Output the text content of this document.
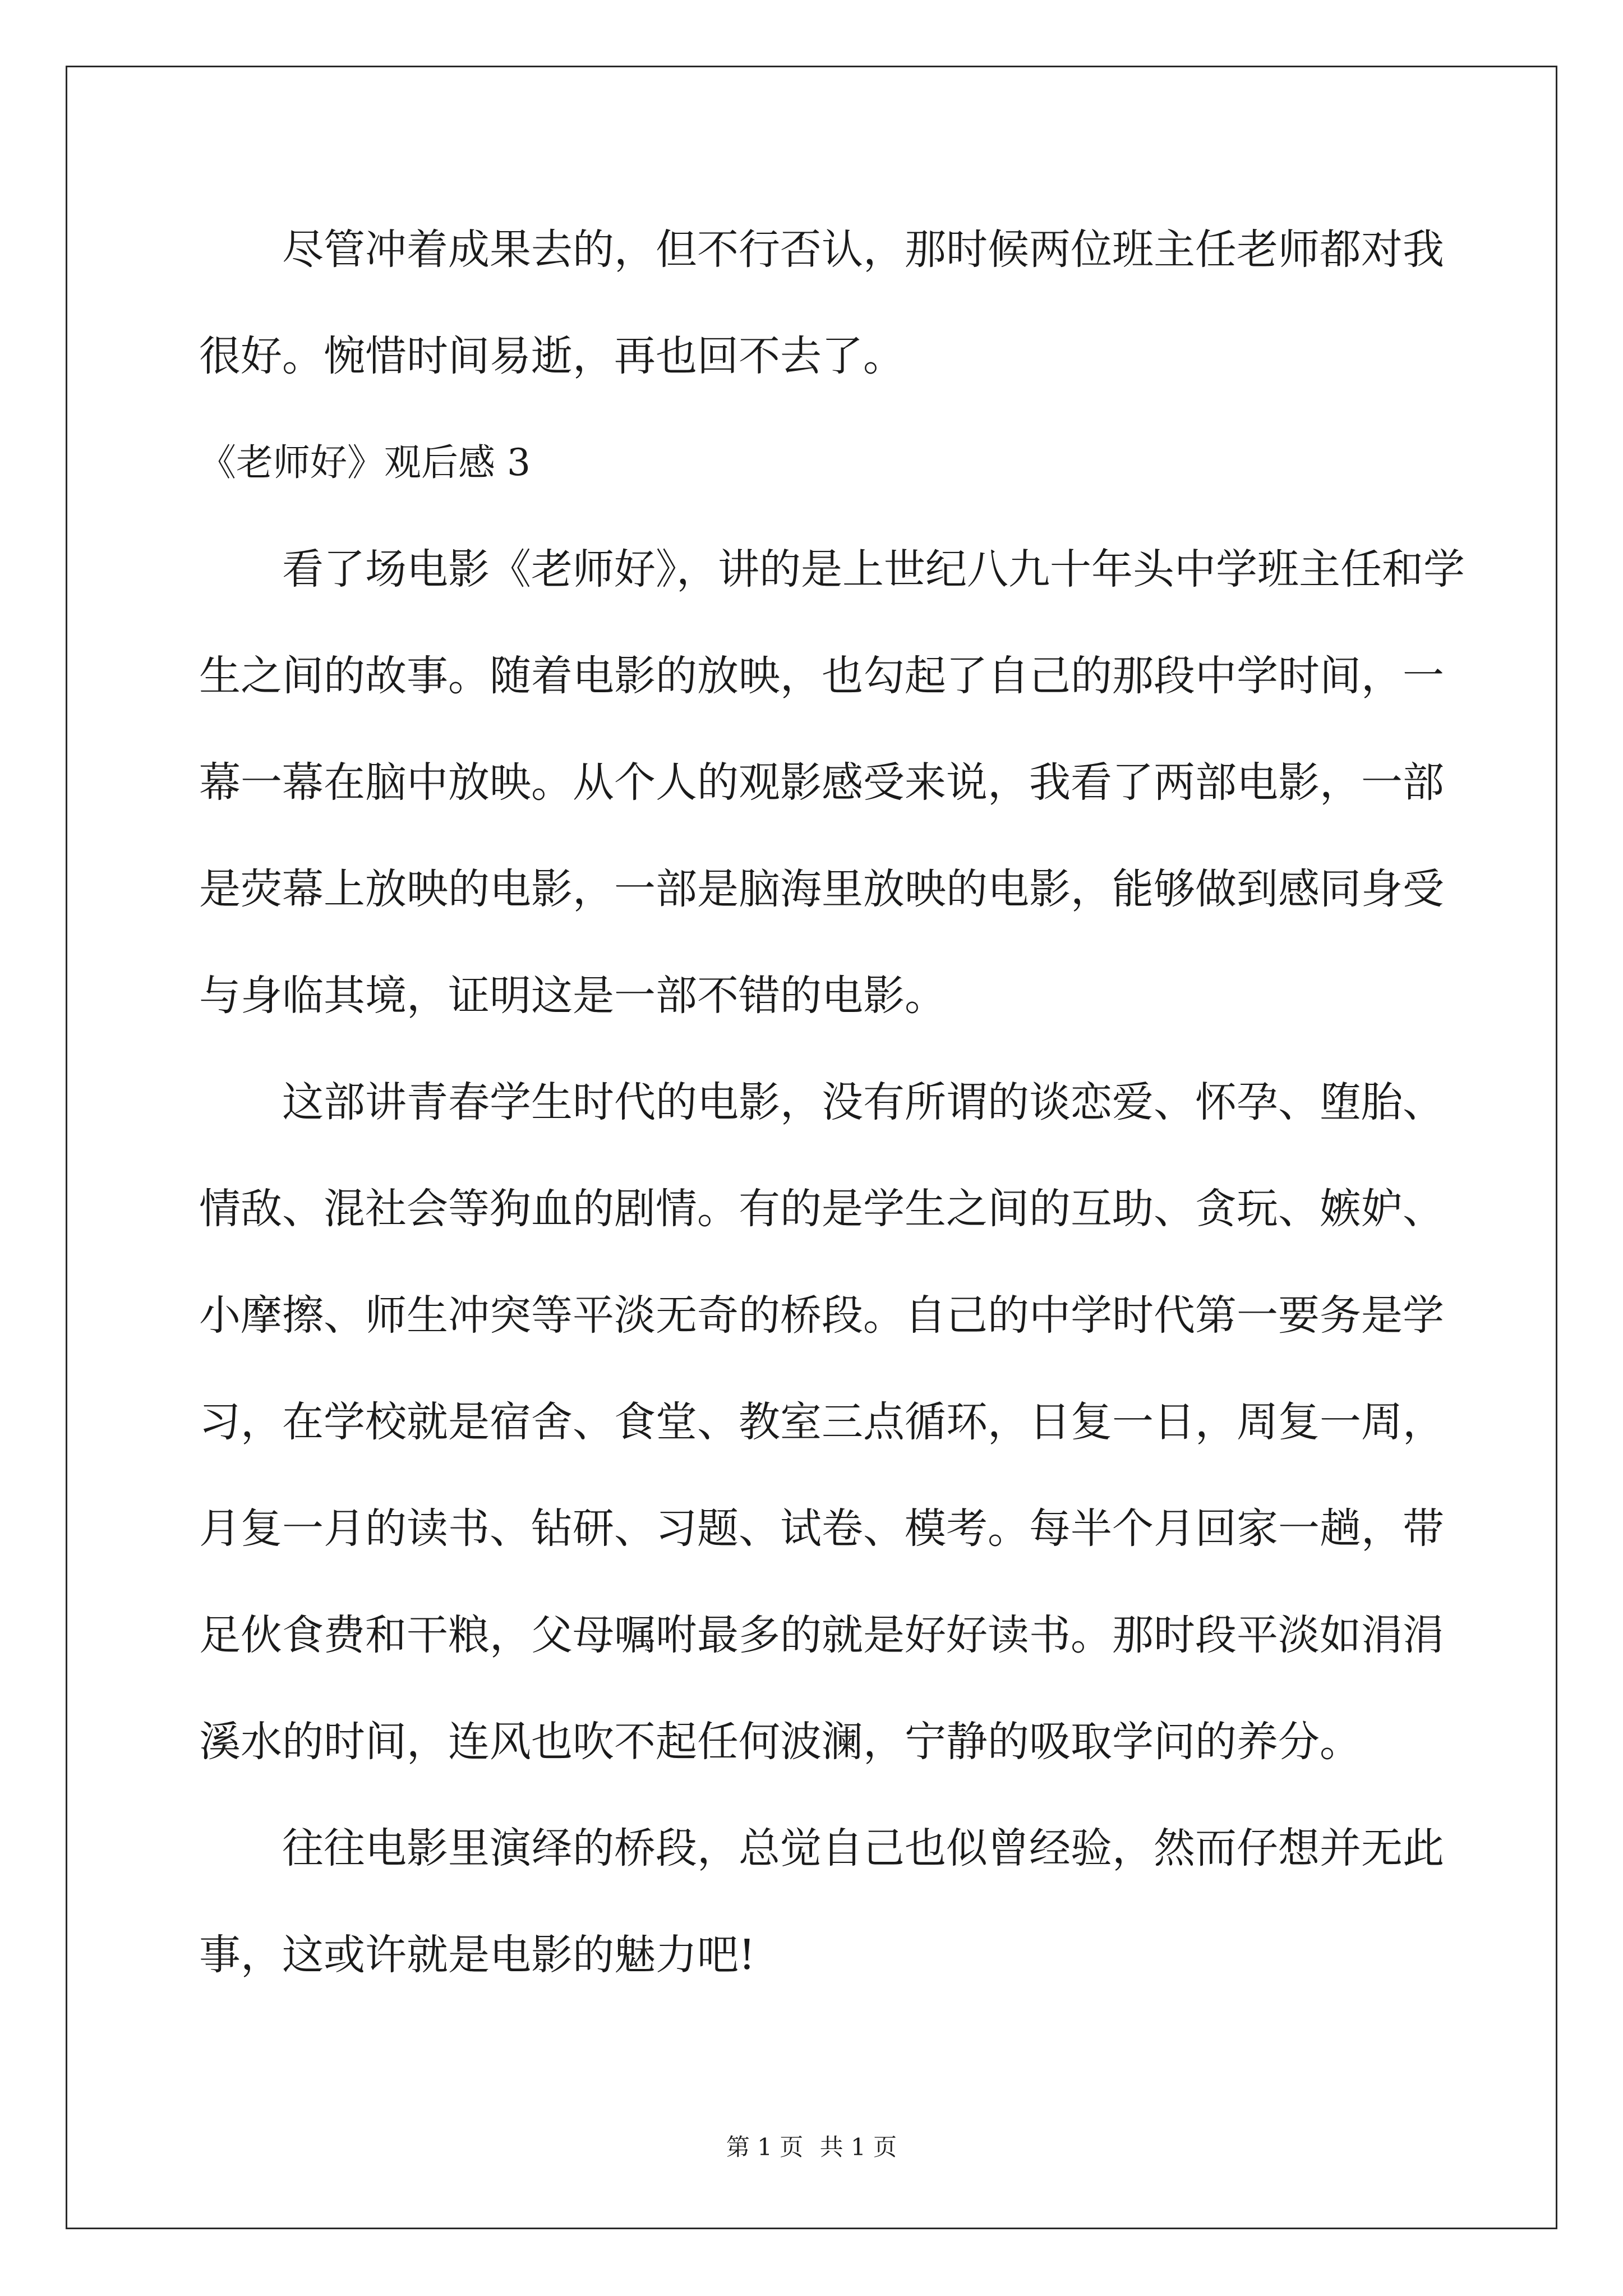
尽管冲着成果去的，但不行否认，那时候两位班主任老师都对我
很好。惋惜时间易逝，再也回不去了。
《老师好》观后感 3
看了场电影《老师好》，讲的是上世纪八九十年头中学班主任和学
生之间的故事。随着电影的放映，也勾起了自己的那段中学时间，一
幕一幕在脑中放映。从个人的观影感受来说，我看了两部电影，一部
是荧幕上放映的电影，一部是脑海里放映的电影，能够做到感同身受
与身临其境，证明这是一部不错的电影。
这部讲青春学生时代的电影，没有所谓的谈恋爱、怀孕、堕胎、
情敌、混社会等狗血的剧情。有的是学生之间的互助、贪玩、嫉妒、
小摩擦、师生冲突等平淡无奇的桥段。自己的中学时代第一要务是学
习，在学校就是宿舍、食堂、教室三点循环，日复一日，周复一周，
月复一月的读书、钻研、习题、试卷、模考。每半个月回家一趟，带
足伙食费和干粮，父母嘱咐最多的就是好好读书。那时段平淡如涓涓
溪水的时间，连风也吹不起任何波澜，宁静的吸取学问的养分。
往往电影里演绎的桥段，总觉自己也似曾经验，然而仔想并无此
事，这或许就是电影的魅力吧!
第 1 页 共 1 页
